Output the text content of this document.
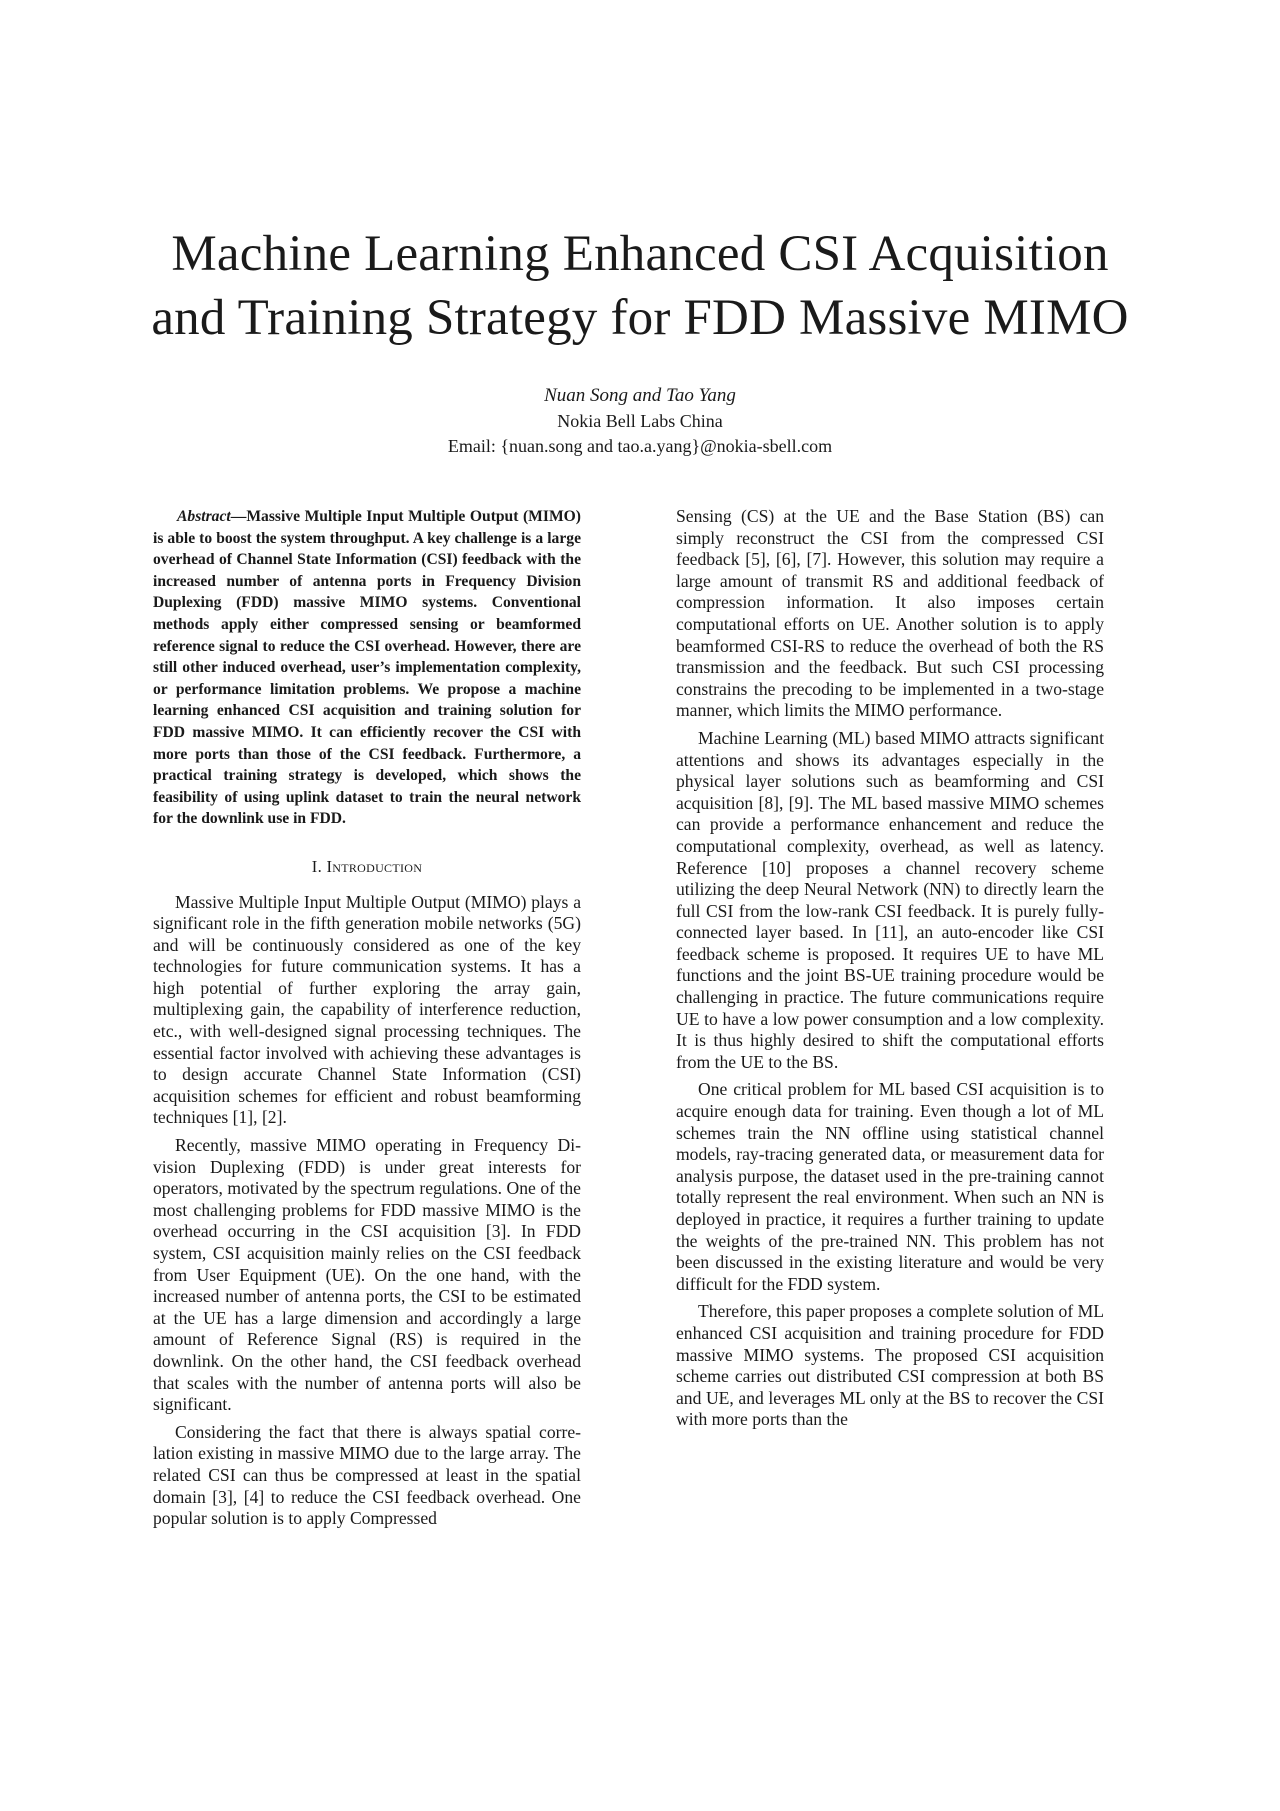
Machine Learning Enhanced CSI Acquisition
and Training Strategy for FDD Massive MIMO
Nuan Song and Tao Yang
Nokia Bell Labs China
Email: {nuan.song and tao.a.yang}@nokia-sbell.com

Abstract—Massive Multiple Input Multiple Output (MIMO) is able to boost the system throughput. A key challenge is a large overhead of Channel State Information (CSI) feedback with the increased number of antenna ports in Frequency Division Duplexing (FDD) massive MIMO systems. Conventional methods apply either compressed sensing or beamformed reference signal to reduce the CSI overhead. However, there are still other induced overhead, user’s implementation complexity, or performance limitation problems. We propose a machine learning enhanced CSI acquisition and training solution for FDD massive MIMO. It can efficiently recover the CSI with more ports than those of the CSI feedback. Furthermore, a practical training strategy is developed, which shows the feasibility of using uplink dataset to train the neural network for the downlink use in FDD.

I. Introduction

Massive Multiple Input Multiple Output (MIMO) plays a significant role in the fifth generation mobile networks (5G) and will be continuously considered as one of the key technologies for future communication systems. It has a high potential of further exploring the array gain, multiplexing gain, the capability of interference reduction, etc., with well-designed signal processing techniques. The essential factor involved with achieving these advantages is to design accurate Channel State Information (CSI) acquisition schemes for efficient and robust beamforming techniques [1], [2].

Recently, massive MIMO operating in Frequency Division Duplexing (FDD) is under great interests for operators, motivated by the spectrum regulations. One of the most challenging problems for FDD massive MIMO is the overhead occurring in the CSI acquisition [3]. In FDD system, CSI acquisition mainly relies on the CSI feedback from User Equipment (UE). On the one hand, with the increased number of antenna ports, the CSI to be estimated at the UE has a large dimension and accordingly a large amount of Reference Signal (RS) is required in the downlink. On the other hand, the CSI feedback overhead that scales with the number of antenna ports will also be significant.

Considering the fact that there is always spatial correlation existing in massive MIMO due to the large array. The related CSI can thus be compressed at least in the spatial domain [3], [4] to reduce the CSI feedback overhead. One popular solution is to apply Compressed

Sensing (CS) at the UE and the Base Station (BS) can simply reconstruct the CSI from the compressed CSI feedback [5], [6], [7]. However, this solution may require a large amount of transmit RS and additional feedback of compression information. It also imposes certain computational efforts on UE. Another solution is to apply beamformed CSI-RS to reduce the overhead of both the RS transmission and the feedback. But such CSI processing constrains the precoding to be implemented in a two-stage manner, which limits the MIMO performance.

Machine Learning (ML) based MIMO attracts significant attentions and shows its advantages especially in the physical layer solutions such as beamforming and CSI acquisition [8], [9]. The ML based massive MIMO schemes can provide a performance enhancement and reduce the computational complexity, overhead, as well as latency. Reference [10] proposes a channel recovery scheme utilizing the deep Neural Network (NN) to directly learn the full CSI from the low-rank CSI feedback. It is purely fully-connected layer based. In [11], an auto-encoder like CSI feedback scheme is proposed. It requires UE to have ML functions and the joint BS-UE training procedure would be challenging in practice. The future communications require UE to have a low power consumption and a low complexity. It is thus highly desired to shift the computational efforts from the UE to the BS.

One critical problem for ML based CSI acquisition is to acquire enough data for training. Even though a lot of ML schemes train the NN offline using statistical channel models, ray-tracing generated data, or measurement data for analysis purpose, the dataset used in the pre-training cannot totally represent the real environment. When such an NN is deployed in practice, it requires a further training to update the weights of the pre-trained NN. This problem has not been discussed in the existing literature and would be very difficult for the FDD system.

Therefore, this paper proposes a complete solution of ML enhanced CSI acquisition and training procedure for FDD massive MIMO systems. The proposed CSI acquisition scheme carries out distributed CSI compression at both BS and UE, and leverages ML only at the BS to recover the CSI with more ports than the
